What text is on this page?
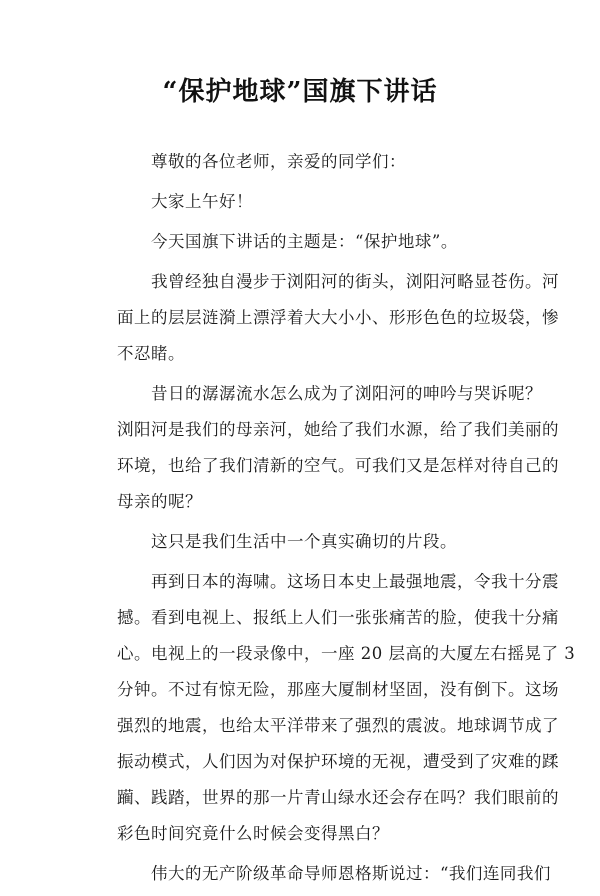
“保护地球”国旗下讲话

尊敬的各位老师，亲爱的同学们：

大家上午好！

今天国旗下讲话的主题是：“保护地球”。

我曾经独自漫步于浏阳河的街头，浏阳河略显苍伤。河
面上的层层涟漪上漂浮着大大小小、形形色色的垃圾袋，惨
不忍睹。

昔日的潺潺流水怎么成为了浏阳河的呻吟与哭诉呢？
浏阳河是我们的母亲河，她给了我们水源，给了我们美丽的
环境，也给了我们清新的空气。可我们又是怎样对待自己的
母亲的呢？

这只是我们生活中一个真实确切的片段。

再到日本的海啸。这场日本史上最强地震，令我十分震
撼。看到电视上、报纸上人们一张张痛苦的脸，使我十分痛
心。电视上的一段录像中，一座 20 层高的大厦左右摇晃了 3
分钟。不过有惊无险，那座大厦制材坚固，没有倒下。这场
强烈的地震，也给太平洋带来了强烈的震波。地球调节成了
振动模式，人们因为对保护环境的无视，遭受到了灾难的蹂
躏、践踏，世界的那一片青山绿水还会存在吗？我们眼前的
彩色时间究竟什么时候会变得黑白？

伟大的无产阶级革命导师恩格斯说过：“我们连同我们
